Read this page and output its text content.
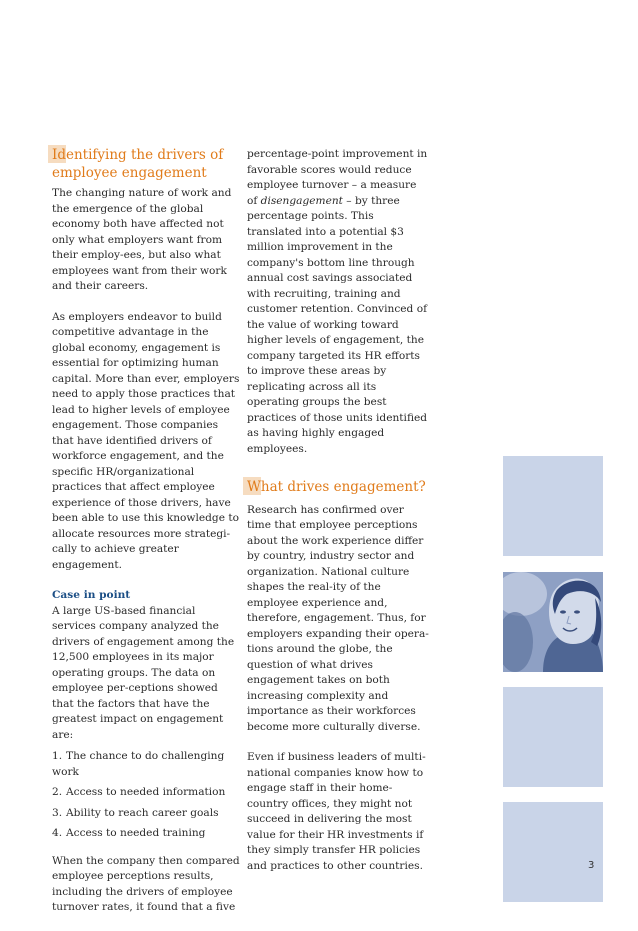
Identifying the drivers of employee engagement

The changing nature of work and the emergence of the global economy both have affected not only what employers want from their employ-ees, but also what employees want from their work and their careers.

As employers endeavor to build competitive advantage in the global economy, engagement is essential for optimizing human capital. More than ever, employers need to apply those practices that lead to higher levels of employee engagement. Those companies that have identified drivers of workforce engagement, and the specific HR/organizational practices that affect employee experience of those drivers, have been able to use this knowledge to allocate resources more strategi-cally to achieve greater engagement.

Case in point

A large US-based financial services company analyzed the drivers of engagement among the 12,500 employees in its major operating groups. The data on employee per-ceptions showed that the factors that have the greatest impact on engagement are:

1. The chance to do challenging work
2. Access to needed information
3. Ability to reach career goals
4. Access to needed training

When the company then compared employee perceptions results, including the drivers of employee turnover rates, it found that a five

percentage-point improvement in favorable scores would reduce employee turnover – a measure of disengagement – by three percentage points. This translated into a potential $3 million improvement in the company's bottom line through annual cost savings associated with recruiting, training and customer retention. Convinced of the value of working toward higher levels of engagement, the company targeted its HR efforts to improve these areas by replicating across all its operating groups the best practices of those units identified as having highly engaged employees.

What drives engagement?

Research has confirmed over time that employee perceptions about the work experience differ by country, industry sector and organization. National culture shapes the real-ity of the employee experience and, therefore, engagement. Thus, for employers expanding their opera-tions around the globe, the question of what drives engagement takes on both increasing complexity and importance as their workforces become more culturally diverse.

Even if business leaders of multi-national companies know how to engage staff in their home-country offices, they might not succeed in delivering the most value for their HR investments if they simply transfer HR policies and practices to other countries.	3
